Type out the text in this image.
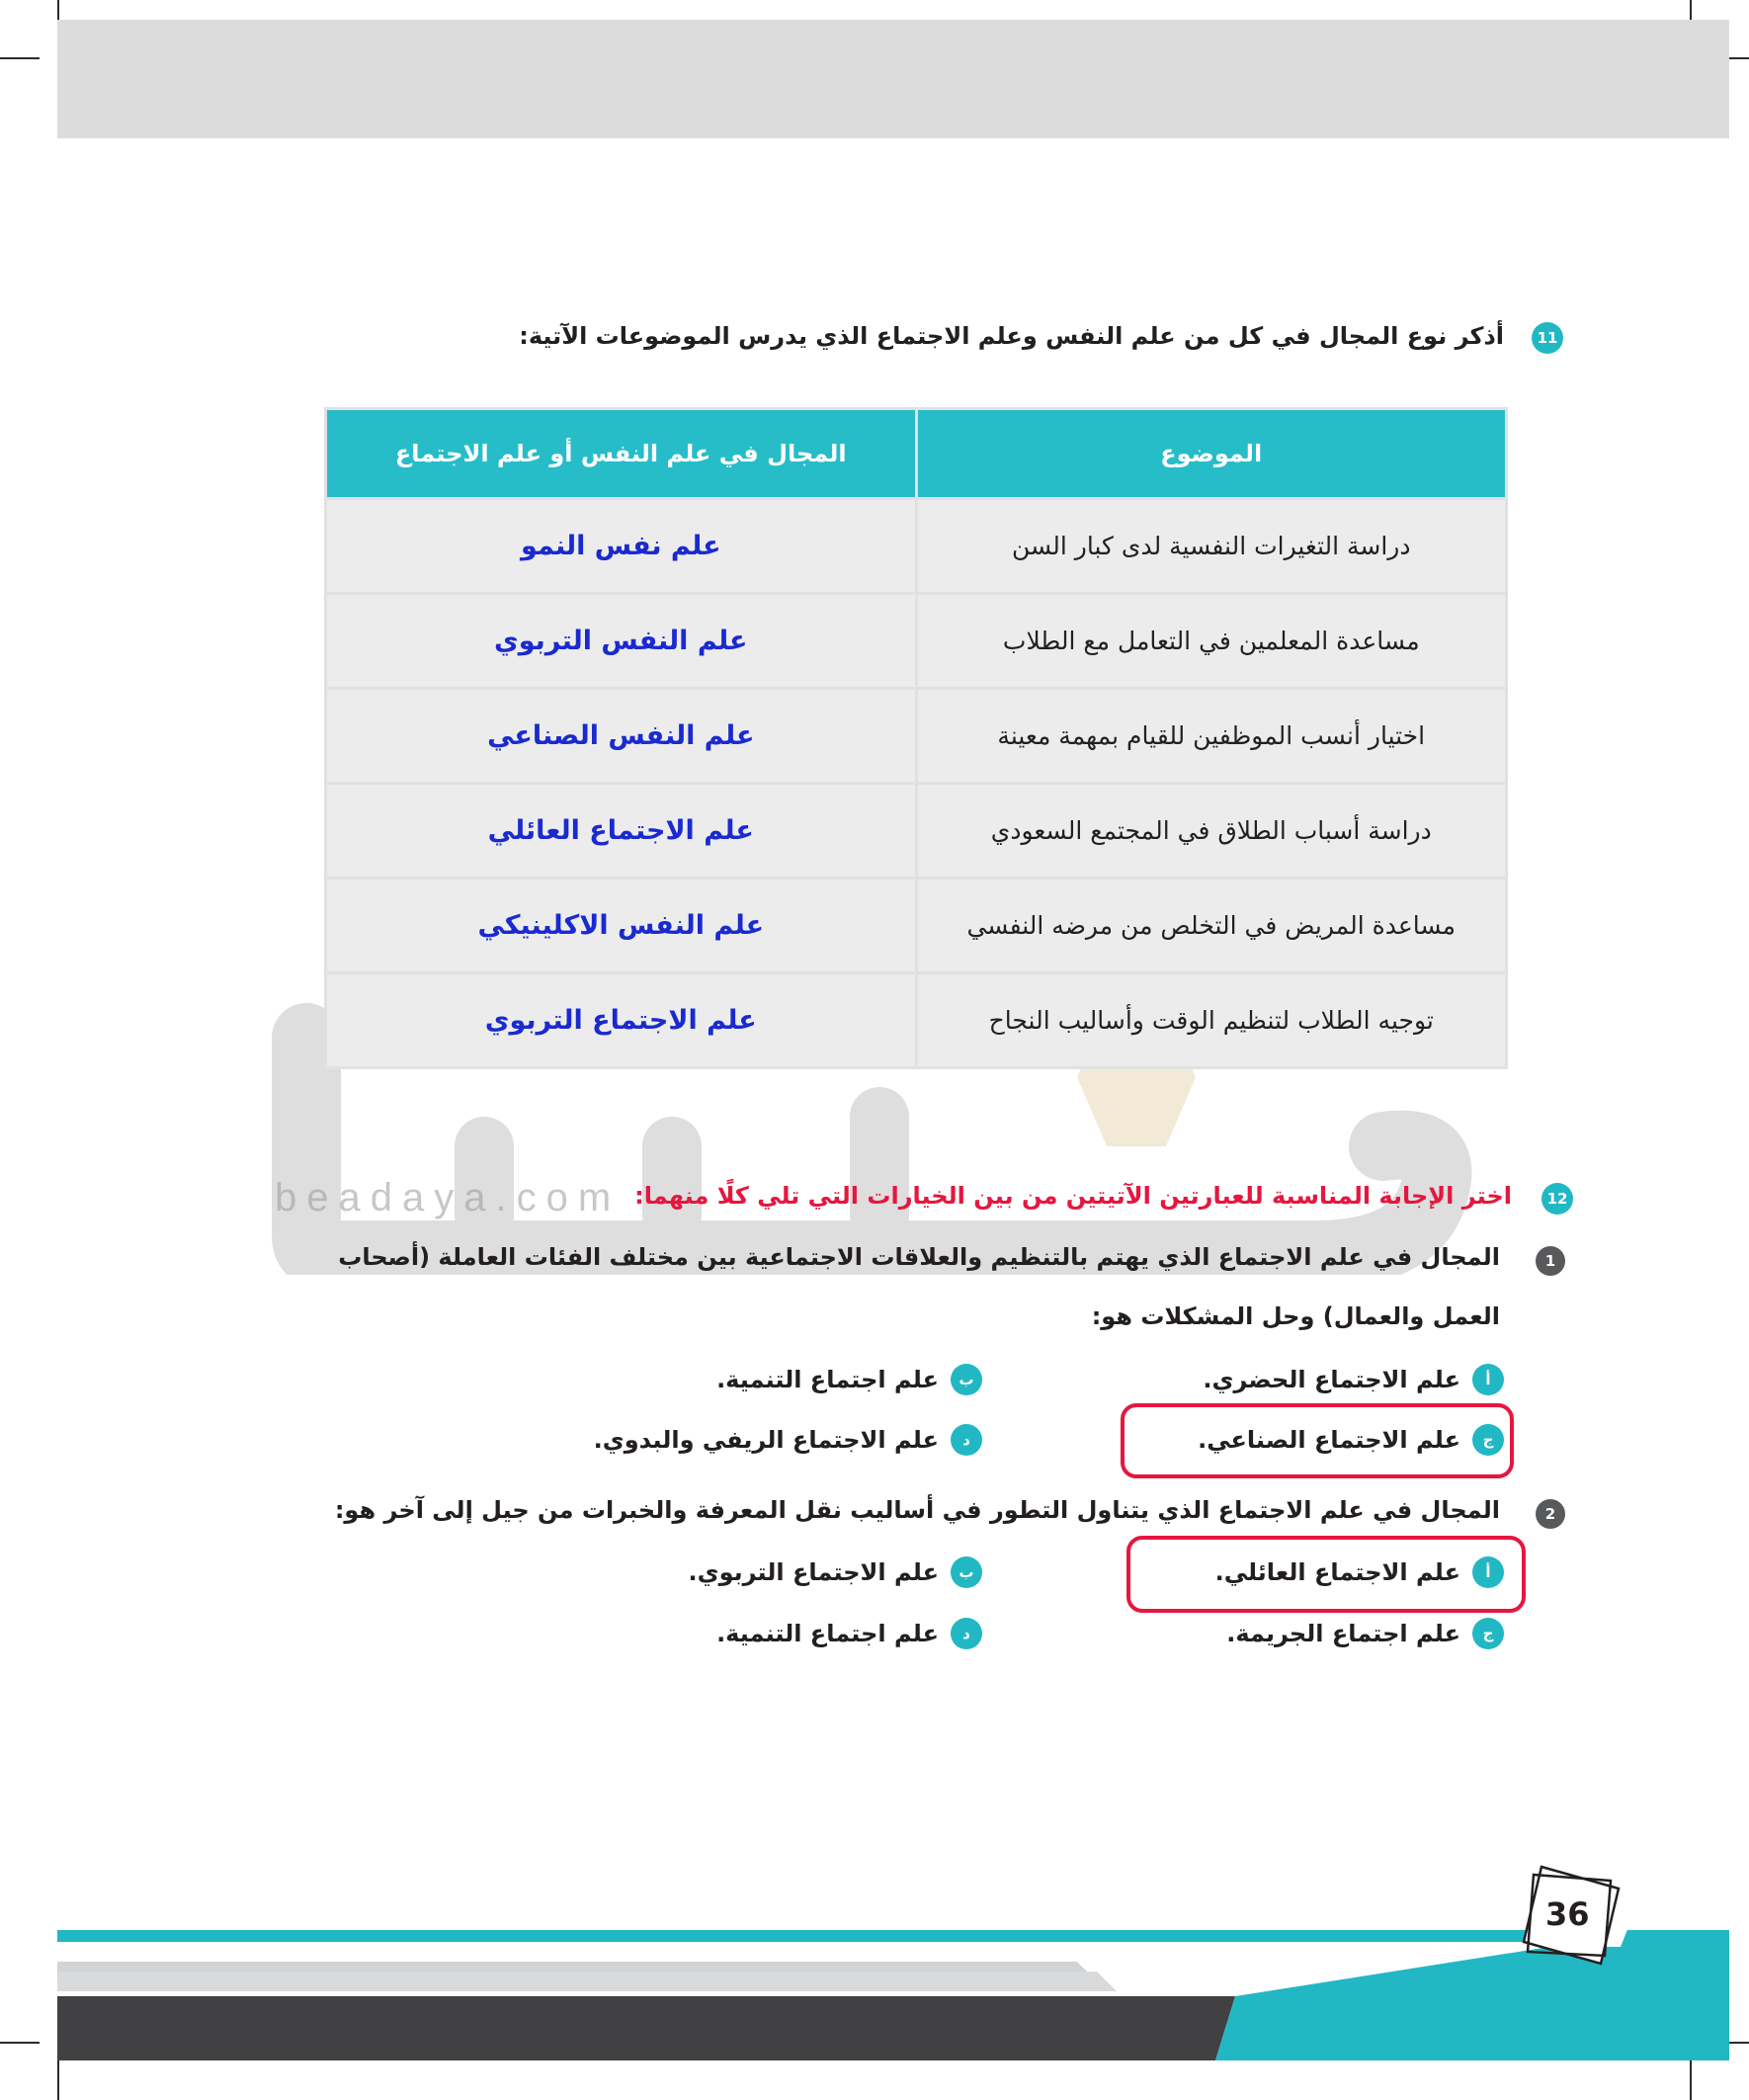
beadaya.com
11
أذكر نوع المجال في كل من علم النفس وعلم الاجتماع الذي يدرس الموضوعات الآتية:
الموضوع	المجال في علم النفس أو علم الاجتماع
دراسة التغيرات النفسية لدى كبار السن	علم نفس النمو
مساعدة المعلمين في التعامل مع الطلاب	علم النفس التربوي
اختيار أنسب الموظفين للقيام بمهمة معينة	علم النفس الصناعي
دراسة أسباب الطلاق في المجتمع السعودي	علم الاجتماع العائلي
مساعدة المريض في التخلص من مرضه النفسي	علم النفس الاكلينيكي
توجيه الطلاب لتنظيم الوقت وأساليب النجاح	علم الاجتماع التربوي
12
اختر الإجابة المناسبة للعبارتين الآتيتين من بين الخيارات التي تلي كلًا منهما:
1
المجال في علم الاجتماع الذي يهتم بالتنظيم والعلاقات الاجتماعية بين مختلف الفئات العاملة (أصحاب
العمل والعمال) وحل المشكلات هو:
أ
علم الاجتماع الحضري.
ب
علم اجتماع التنمية.
ج
علم الاجتماع الصناعي.
د
علم الاجتماع الريفي والبدوي.
2
المجال في علم الاجتماع الذي يتناول التطور في أساليب نقل المعرفة والخبرات من جيل إلى آخر هو:
أ
علم الاجتماع العائلي.
ب
علم الاجتماع التربوي.
ج
علم اجتماع الجريمة.
د
علم اجتماع التنمية.
36
